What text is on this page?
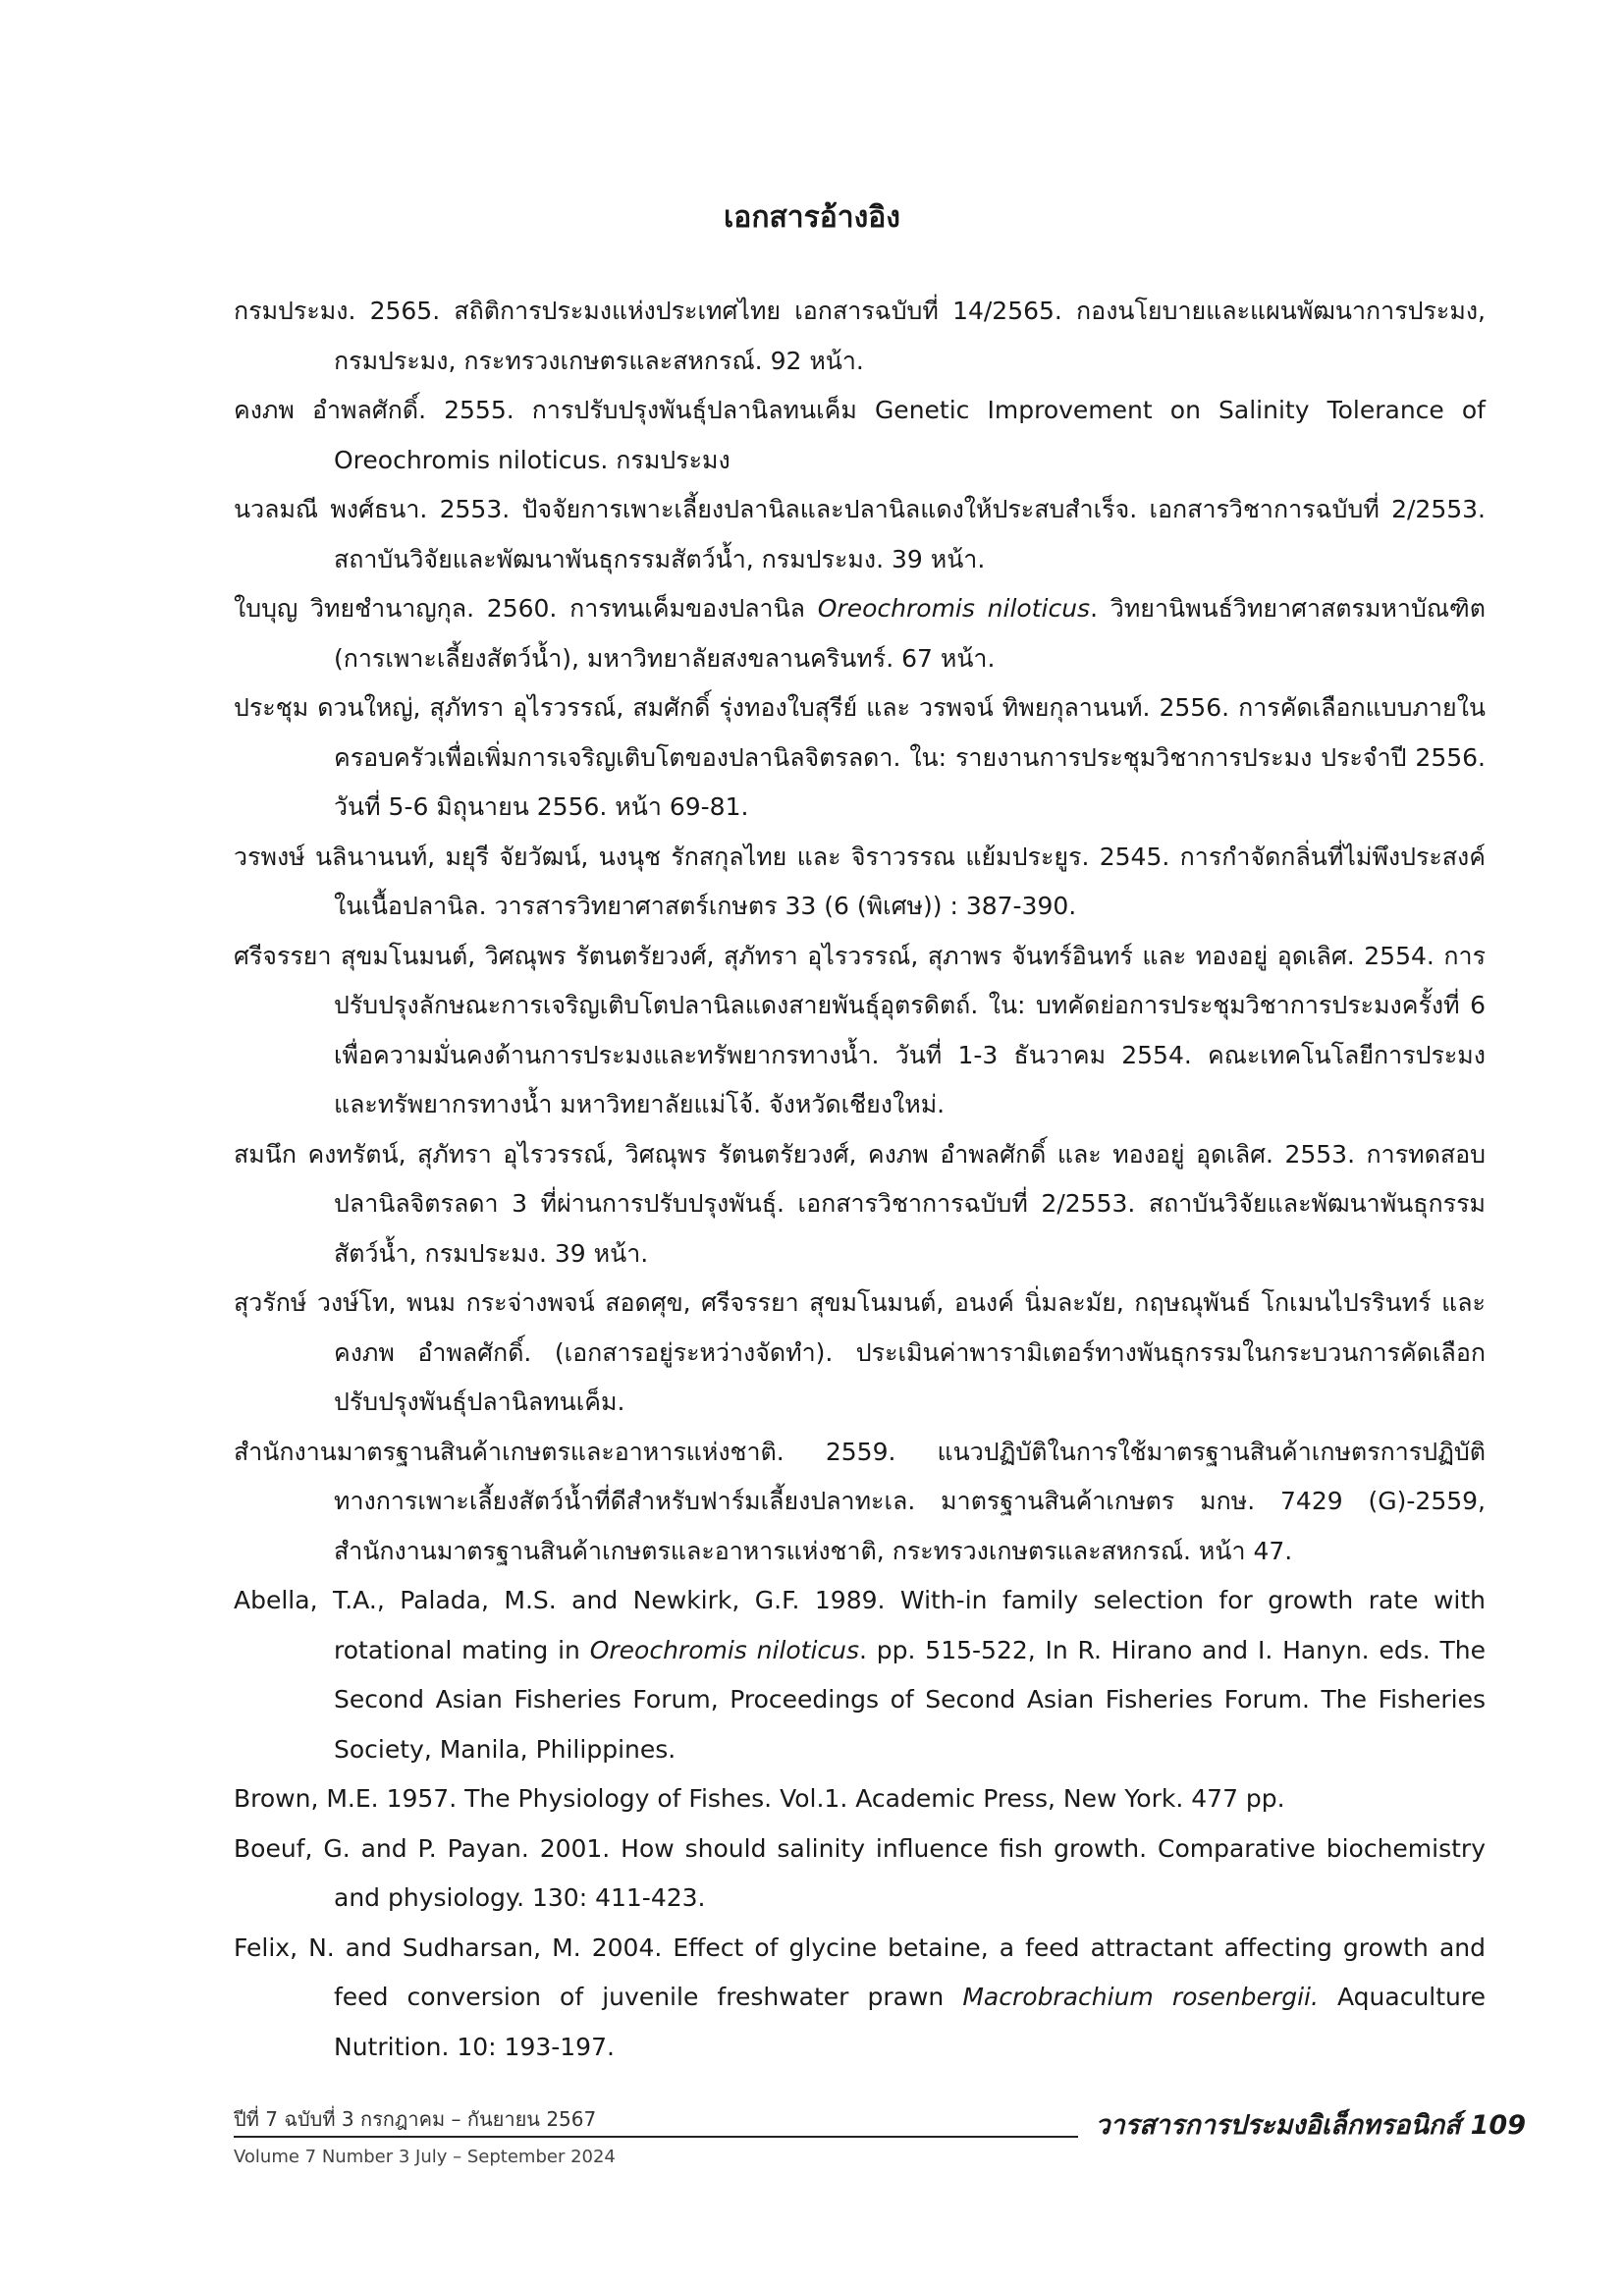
เอกสารอ้างอิง
กรมประมง. 2565. สถิติการประมงแห่งประเทศไทย เอกสารฉบับที่ 14/2565. กองนโยบายและแผนพัฒนาการประมง, กรมประมง, กระทรวงเกษตรและสหกรณ์. 92 หน้า.
คงภพ อำพลศักดิ์. 2555. การปรับปรุงพันธุ์ปลานิลทนเค็ม Genetic Improvement on Salinity Tolerance of Oreochromis niloticus. กรมประมง
นวลมณี พงศ์ธนา. 2553. ปัจจัยการเพาะเลี้ยงปลานิลและปลานิลแดงให้ประสบสำเร็จ. เอกสารวิชาการฉบับที่ 2/2553. สถาบันวิจัยและพัฒนาพันธุกรรมสัตว์น้ำ, กรมประมง. 39 หน้า.
ใบบุญ วิทยชำนาญกุล. 2560. การทนเค็มของปลานิล Oreochromis niloticus. วิทยานิพนธ์วิทยาศาสตรมหาบัณฑิต (การเพาะเลี้ยงสัตว์น้ำ), มหาวิทยาลัยสงขลานครินทร์. 67 หน้า.
ประชุม ดวนใหญ่, สุภัทรา อุไรวรรณ์, สมศักดิ์ รุ่งทองใบสุรีย์ และ วรพจน์ ทิพยกุลานนท์. 2556. การคัดเลือกแบบภายในครอบครัวเพื่อเพิ่มการเจริญเติบโตของปลานิลจิตรลดา. ใน: รายงานการประชุมวิชาการประมง ประจำปี 2556. วันที่ 5-6 มิถุนายน 2556. หน้า 69-81.
วรพงษ์ นลินานนท์, มยุรี จัยวัฒน์, นงนุช รักสกุลไทย และ จิราวรรณ แย้มประยูร. 2545. การกำจัดกลิ่นที่ไม่พึงประสงค์ในเนื้อปลานิล. วารสารวิทยาศาสตร์เกษตร 33 (6 (พิเศษ)) : 387-390.
ศรีจรรยา สุขมโนมนต์, วิศณุพร รัตนตรัยวงศ์, สุภัทรา อุไรวรรณ์, สุภาพร จันทร์อินทร์ และ ทองอยู่ อุดเลิศ. 2554. การปรับปรุงลักษณะการเจริญเติบโตปลานิลแดงสายพันธุ์อุตรดิตถ์. ใน: บทคัดย่อการประชุมวิชาการประมงครั้งที่ 6 เพื่อความมั่นคงด้านการประมงและทรัพยากรทางน้ำ. วันที่ 1-3 ธันวาคม 2554. คณะเทคโนโลยีการประมงและทรัพยากรทางน้ำ มหาวิทยาลัยแม่โจ้. จังหวัดเชียงใหม่.
สมนึก คงทรัตน์, สุภัทรา อุไรวรรณ์, วิศณุพร รัตนตรัยวงศ์, คงภพ อำพลศักดิ์ และ ทองอยู่ อุดเลิศ. 2553. การทดสอบปลานิลจิตรลดา 3 ที่ผ่านการปรับปรุงพันธุ์. เอกสารวิชาการฉบับที่ 2/2553. สถาบันวิจัยและพัฒนาพันธุกรรมสัตว์น้ำ, กรมประมง. 39 หน้า.
สุวรักษ์ วงษ์โท, พนม กระจ่างพจน์ สอดศุข, ศรีจรรยา สุขมโนมนต์, อนงค์ นิ่มละมัย, กฤษณุพันธ์ โกเมนไปรรินทร์ และ คงภพ อำพลศักดิ์. (เอกสารอยู่ระหว่างจัดทำ). ประเมินค่าพารามิเตอร์ทางพันธุกรรมในกระบวนการคัดเลือกปรับปรุงพันธุ์ปลานิลทนเค็ม.
สำนักงานมาตรฐานสินค้าเกษตรและอาหารแห่งชาติ. 2559. แนวปฏิบัติในการใช้มาตรฐานสินค้าเกษตรการปฏิบัติทางการเพาะเลี้ยงสัตว์น้ำที่ดีสำหรับฟาร์มเลี้ยงปลาทะเล. มาตรฐานสินค้าเกษตร มกษ. 7429 (G)-2559, สำนักงานมาตรฐานสินค้าเกษตรและอาหารแห่งชาติ, กระทรวงเกษตรและสหกรณ์. หน้า 47.
Abella, T.A., Palada, M.S. and Newkirk, G.F. 1989. With-in family selection for growth rate with rotational mating in Oreochromis niloticus. pp. 515-522, In R. Hirano and I. Hanyn. eds. The Second Asian Fisheries Forum, Proceedings of Second Asian Fisheries Forum. The Fisheries Society, Manila, Philippines.
Brown, M.E. 1957. The Physiology of Fishes. Vol.1. Academic Press, New York. 477 pp.
Boeuf, G. and P. Payan. 2001. How should salinity influence fish growth. Comparative biochemistry and physiology. 130: 411-423.
Felix, N. and Sudharsan, M. 2004. Effect of glycine betaine, a feed attractant affecting growth and feed conversion of juvenile freshwater prawn Macrobrachium rosenbergii. Aquaculture Nutrition. 10: 193-197.
ปีที่ 7 ฉบับที่ 3 กรกฎาคม – กันยายน 2567	วารสารการประมงอิเล็กทรอนิกส์ 109
Volume 7 Number 3 July – September 2024
